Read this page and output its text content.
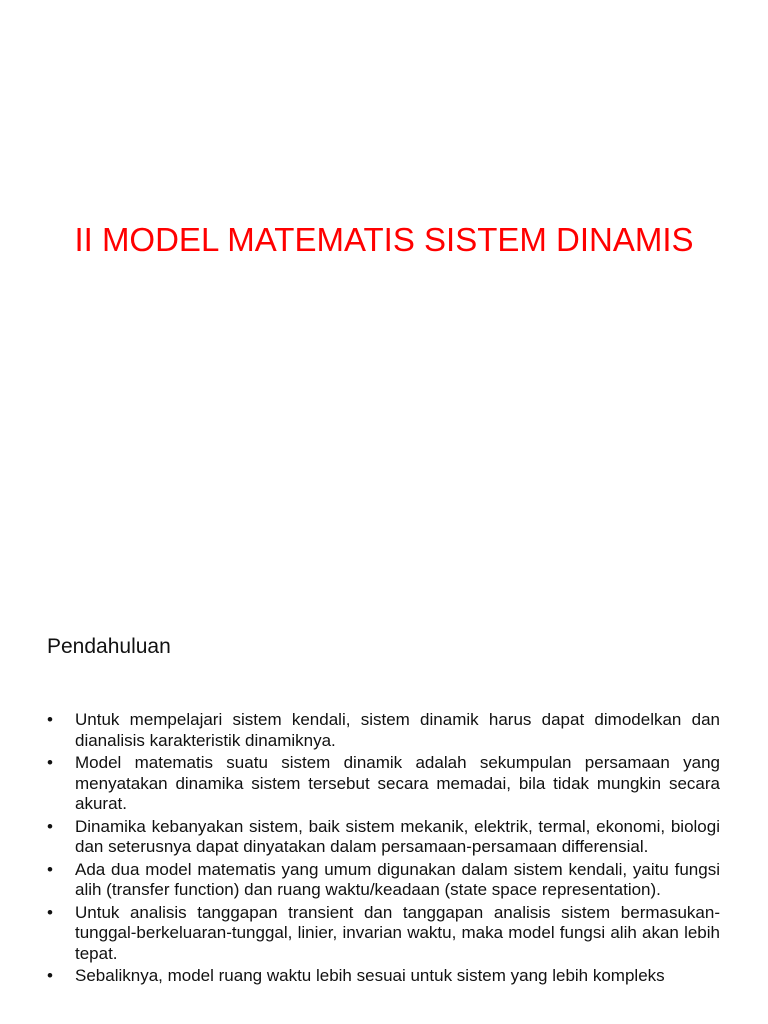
II MODEL MATEMATIS SISTEM DINAMIS
Pendahuluan
• Untuk mempelajari sistem kendali, sistem dinamik harus dapat dimodelkan dan dianalisis karakteristik dinamiknya.
• Model matematis suatu sistem dinamik adalah sekumpulan persamaan yang menyatakan dinamika sistem tersebut secara memadai, bila tidak mungkin secara akurat.
• Dinamika kebanyakan sistem, baik sistem mekanik, elektrik, termal, ekonomi, biologi dan seterusnya dapat dinyatakan dalam persamaan-persamaan differensial.
• Ada dua model matematis yang umum digunakan dalam sistem kendali, yaitu fungsi alih (transfer function) dan ruang waktu/keadaan (state space representation).
• Untuk analisis tanggapan transient dan tanggapan analisis sistem bermasukan-tunggal-berkeluaran-tunggal, linier, invarian waktu, maka model fungsi alih akan lebih tepat.
• Sebaliknya, model ruang waktu lebih sesuai untuk sistem yang lebih kompleks
